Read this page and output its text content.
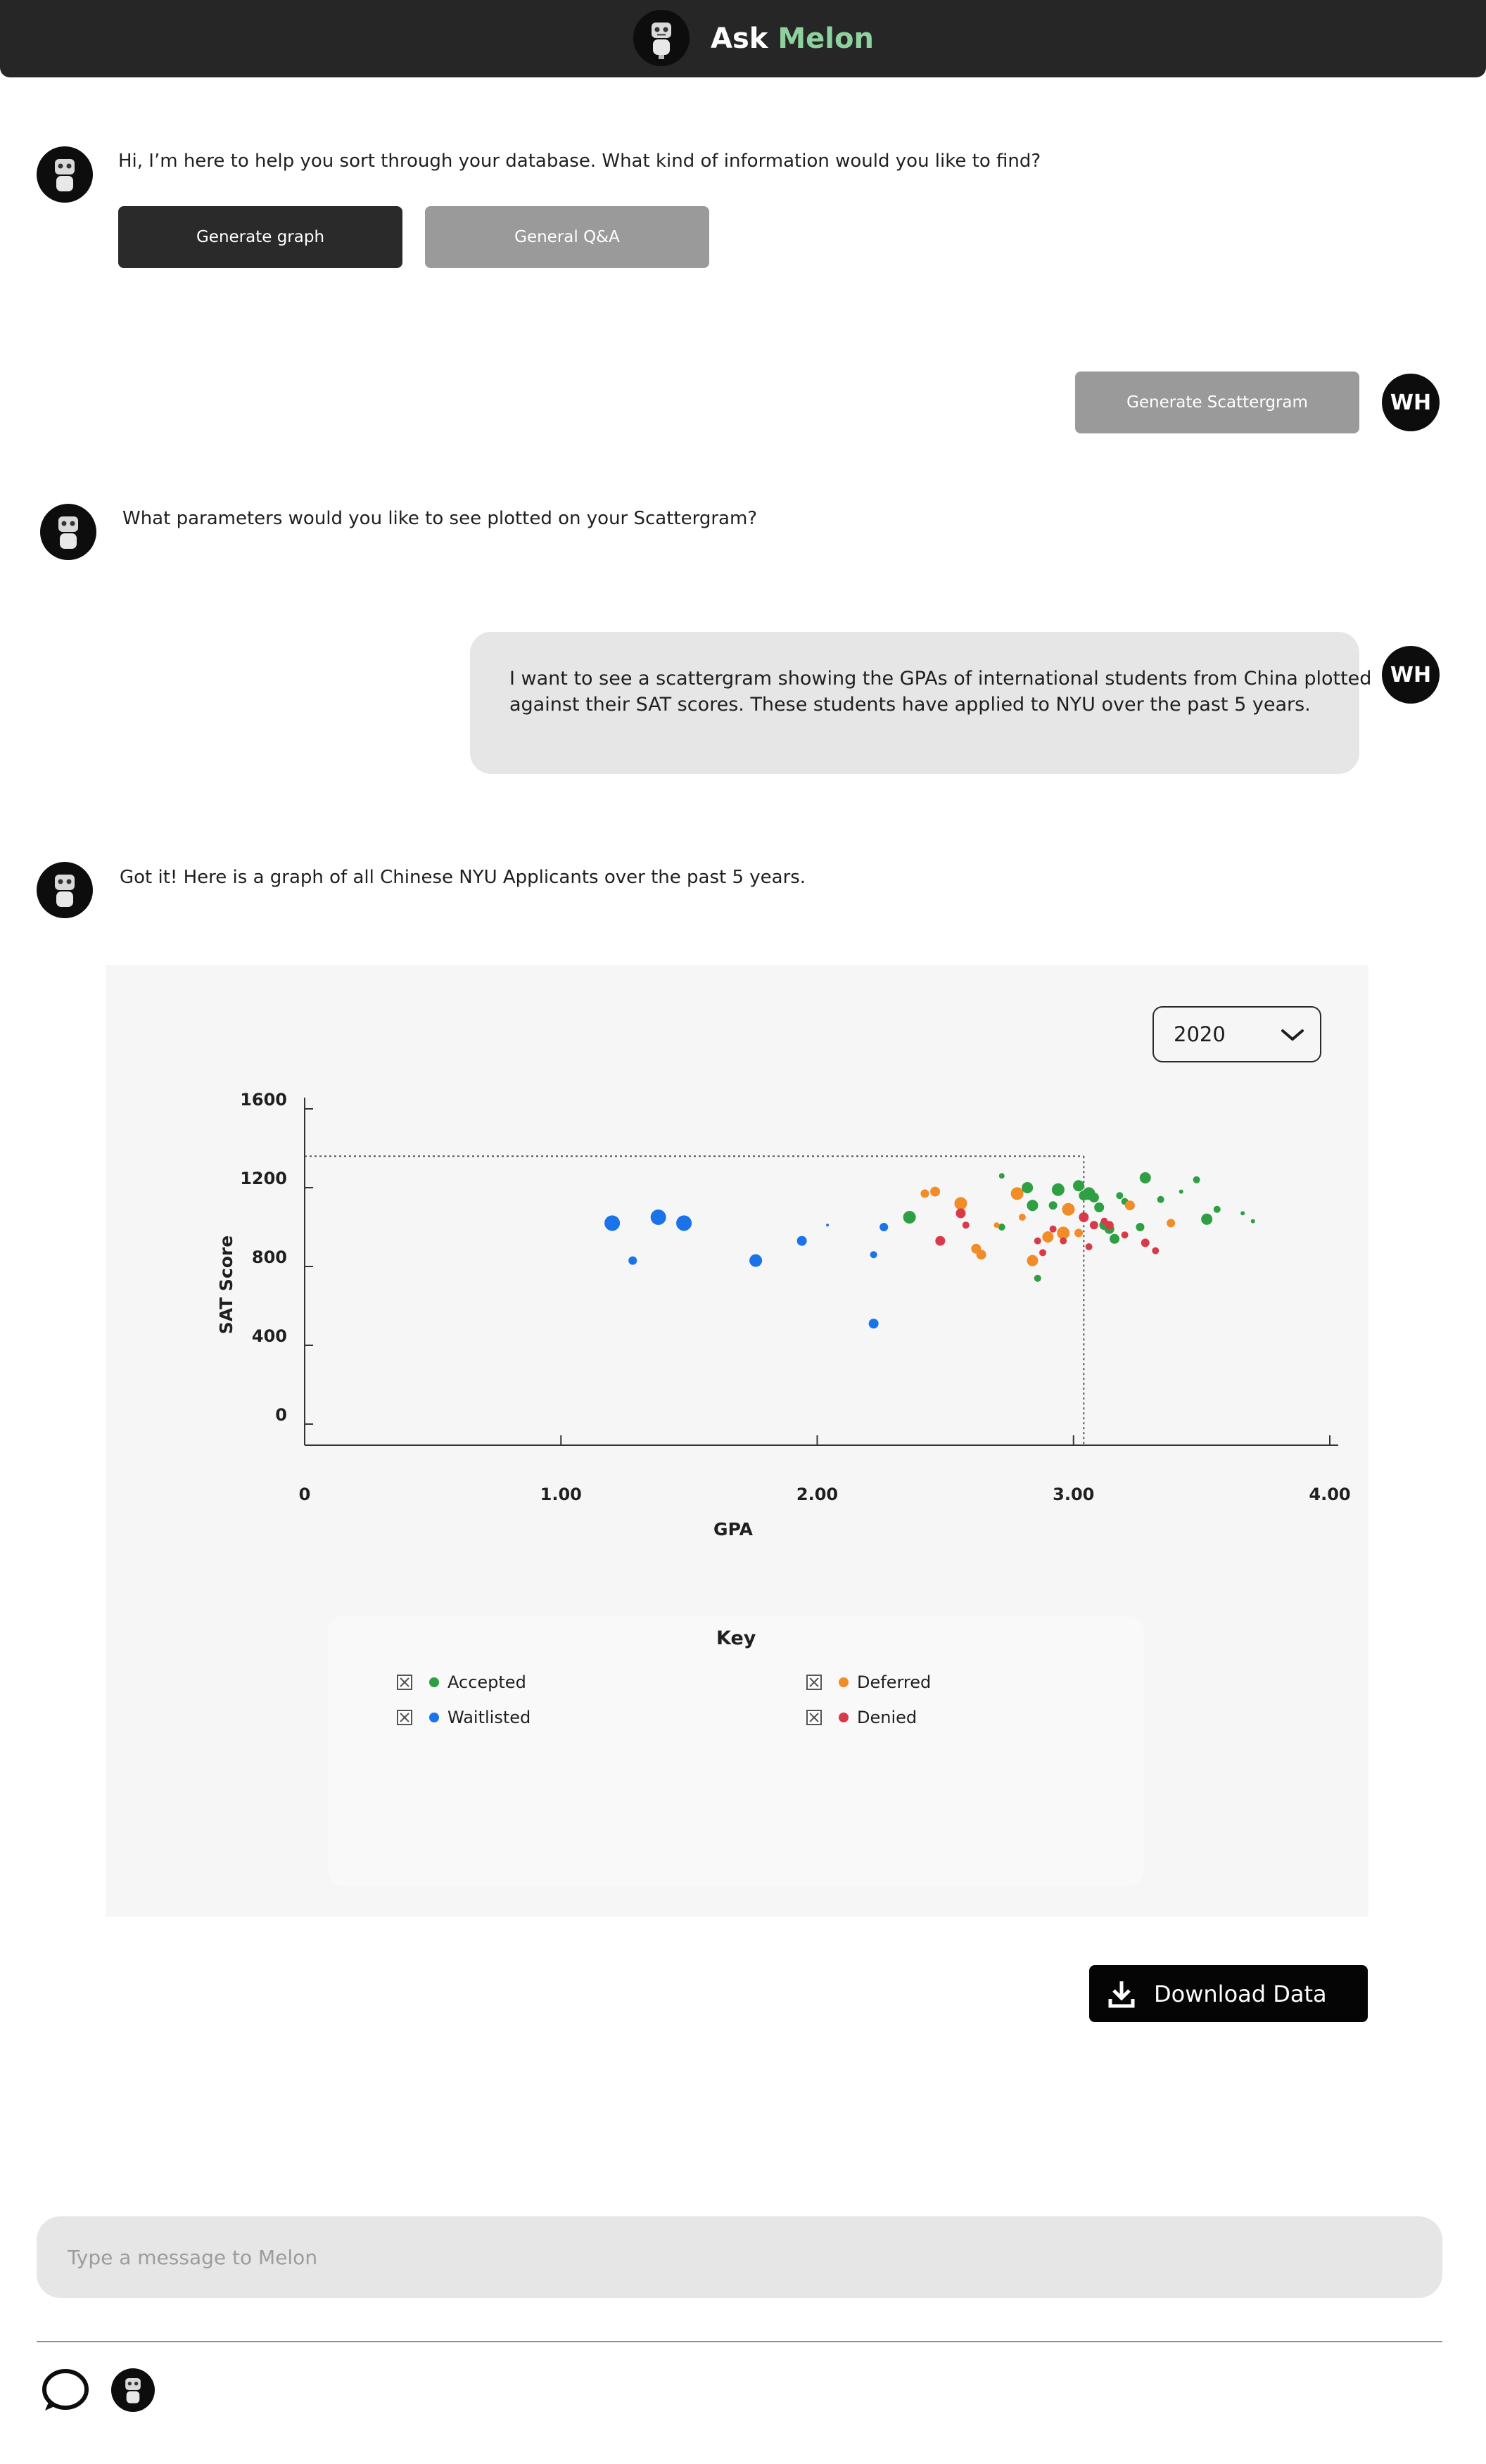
Ask Melon
Hi, I’m here to help you sort through your database. What kind of information would you like to find?
Generate graph	General Q&A
Generate Scattergram	WH
What parameters would you like to see plotted on your Scattergram?
I want to see a scattergram showing the GPAs of international students from China plotted
against their SAT scores. These students have applied to NYU over the past 5 years.
WH
Got it! Here is a graph of all Chinese NYU Applicants over the past 5 years.
2020
0	1.00	2.00	3.00	4.00
0
400
800
1200
1600
GPA
SAT Score
Key
Accepted	Deferred
Waitlisted	Denied
Download Data
Type a message to Melon
